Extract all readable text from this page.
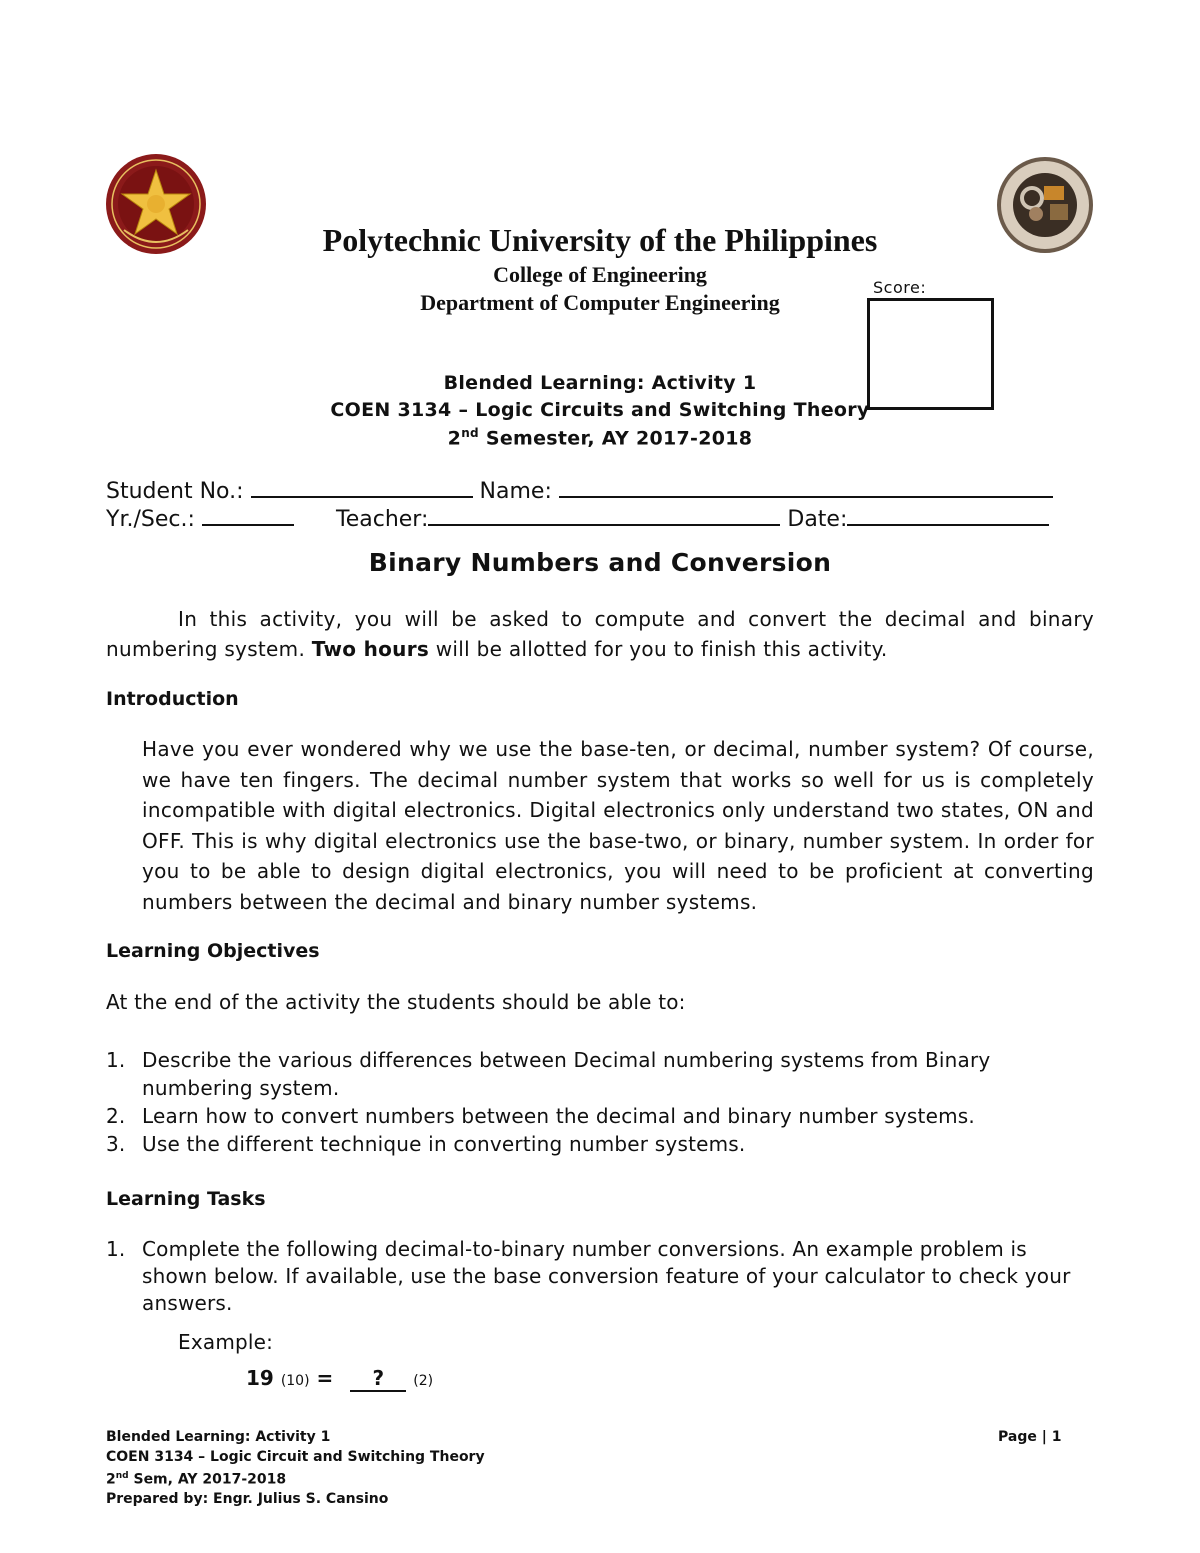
Polytechnic University of the Philippines
College of Engineering
Department of Computer Engineering
Score:
Blended Learning: Activity 1
COEN 3134 – Logic Circuits and Switching Theory
2nd Semester, AY 2017-2018
Student No.:	Name:
Yr./Sec.:	Teacher:	Date:
Binary Numbers and Conversion
In this activity, you will be asked to compute and convert the decimal and binary numbering system. Two hours will be allotted for you to finish this activity.
Introduction
Have you ever wondered why we use the base-ten, or decimal, number system? Of course, we have ten fingers. The decimal number system that works so well for us is completely incompatible with digital electronics. Digital electronics only understand two states, ON and OFF. This is why digital electronics use the base-two, or binary, number system. In order for you to be able to design digital electronics, you will need to be proficient at converting numbers between the decimal and binary number systems.
Learning Objectives
At the end of the activity the students should be able to:
1. Describe the various differences between Decimal numbering systems from Binary numbering system.
2. Learn how to convert numbers between the decimal and binary number systems.
3. Use the different technique in converting number systems.
Learning Tasks
1. Complete the following decimal-to-binary number conversions. An example problem is shown below. If available, use the base conversion feature of your calculator to check your answers.
Example:
19 (10) = ? (2)
Blended Learning: Activity 1
COEN 3134 – Logic Circuit and Switching Theory
2nd Sem, AY 2017-2018
Prepared by: Engr. Julius S. Cansino
Page | 1
